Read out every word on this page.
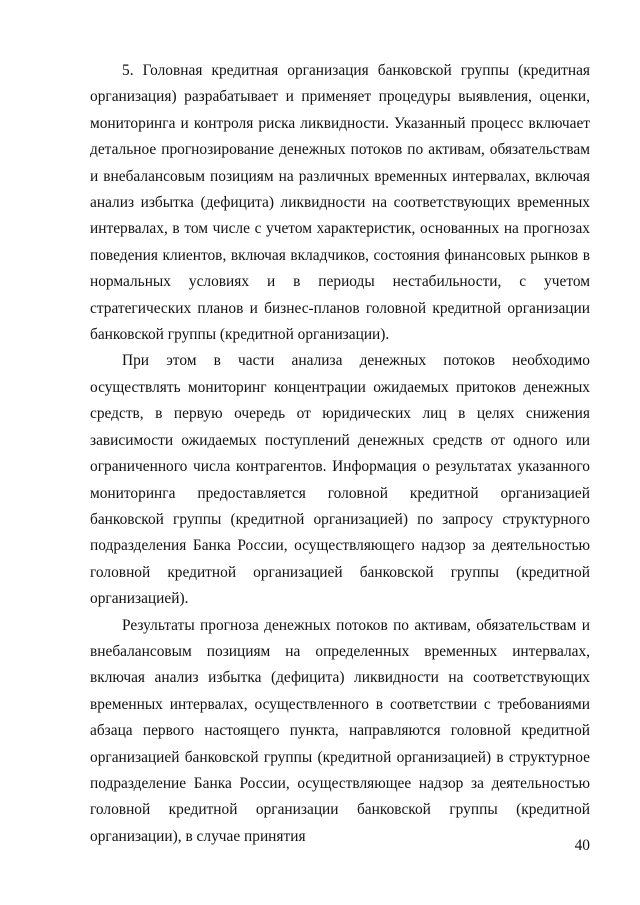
5. Головная кредитная организация банковской группы (кредитная организация) разрабатывает и применяет процедуры выявления, оценки, мониторинга и контроля риска ликвидности. Указанный процесс включает детальное прогнозирование денежных потоков по активам, обязательствам и внебалансовым позициям на различных временных интервалах, включая анализ избытка (дефицита) ликвидности на соответствующих временных интервалах, в том числе с учетом характеристик, основанных на прогнозах поведения клиентов, включая вкладчиков, состояния финансовых рынков в нормальных условиях и в периоды нестабильности, с учетом стратегических планов и бизнес-планов головной кредитной организации банковской группы (кредитной организации).

При этом в части анализа денежных потоков необходимо осуществлять мониторинг концентрации ожидаемых притоков денежных средств, в первую очередь от юридических лиц в целях снижения зависимости ожидаемых поступлений денежных средств от одного или ограниченного числа контрагентов. Информация о результатах указанного мониторинга предоставляется головной кредитной организацией банковской группы (кредитной организацией) по запросу структурного подразделения Банка России, осуществляющего надзор за деятельностью головной кредитной организацией банковской группы (кредитной организацией).

Результаты прогноза денежных потоков по активам, обязательствам и внебалансовым позициям на определенных временных интервалах, включая анализ избытка (дефицита) ликвидности на соответствующих временных интервалах, осуществленного в соответствии с требованиями абзаца первого настоящего пункта, направляются головной кредитной организацией банковской группы (кредитной организацией) в структурное подразделение Банка России, осуществляющее надзор за деятельностью головной кредитной организации банковской группы (кредитной организации), в случае принятия

40
